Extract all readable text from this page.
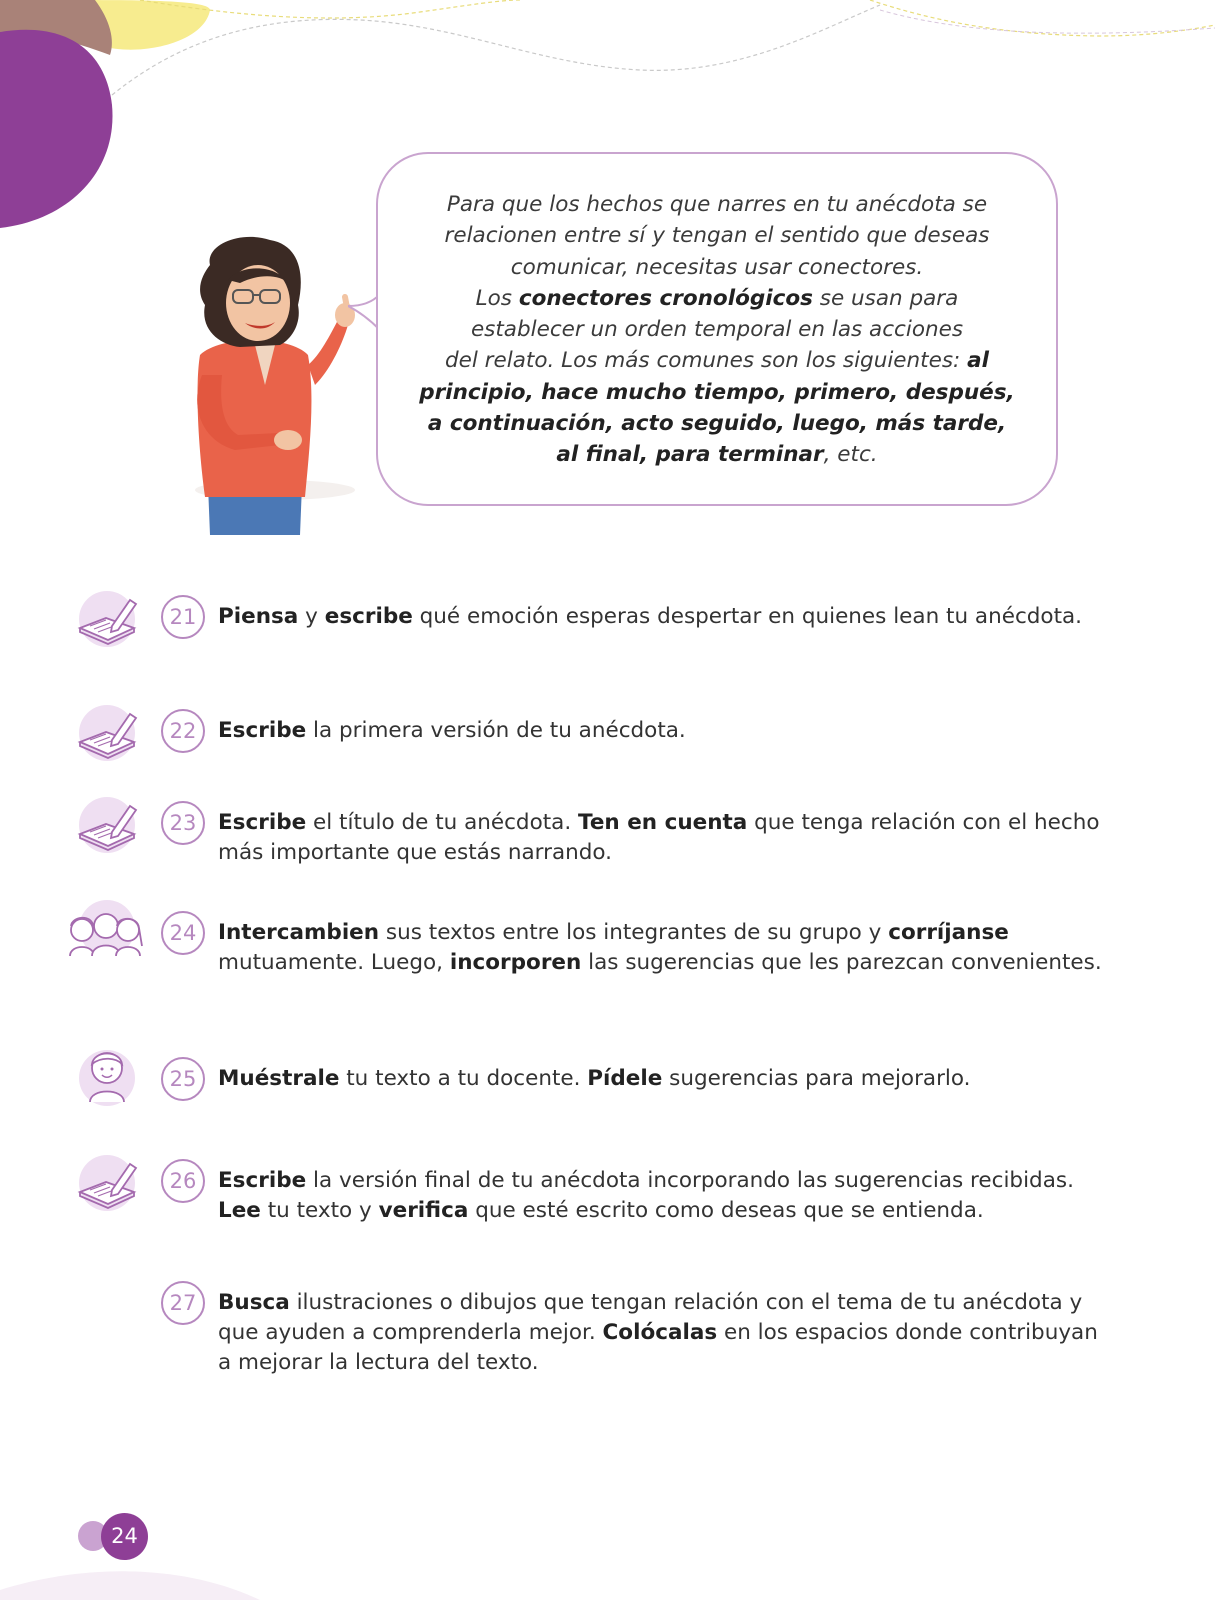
Para que los hechos que narres en tu anécdota se

relacionen entre sí y tengan el sentido que deseas

comunicar, necesitas usar conectores.

Los conectores cronológicos se usan para

establecer un orden temporal en las acciones

del relato. Los más comunes son los siguientes: al

principio, hace mucho tiempo, primero, después,

a continuación, acto seguido, luego, más tarde,

al final, para terminar, etc.

21	Piensa y escribe qué emoción esperas despertar en quienes lean tu anécdota.
22	Escribe la primera versión de tu anécdota.
23	Escribe el título de tu anécdota. Ten en cuenta que tenga relación con el hecho más importante que estás narrando.
24	Intercambien sus textos entre los integrantes de su grupo y corríjanse mutuamente. Luego, incorporen las sugerencias que les parezcan convenientes.
25	Muéstrale tu texto a tu docente. Pídele sugerencias para mejorarlo.
26	Escribe la versión final de tu anécdota incorporando las sugerencias recibidas. Lee tu texto y verifica que esté escrito como deseas que se entienda.
27	Busca ilustraciones o dibujos que tengan relación con el tema de tu anécdota y que ayuden a comprenderla mejor. Colócalas en los espacios donde contribuyan a mejorar la lectura del texto.
24
